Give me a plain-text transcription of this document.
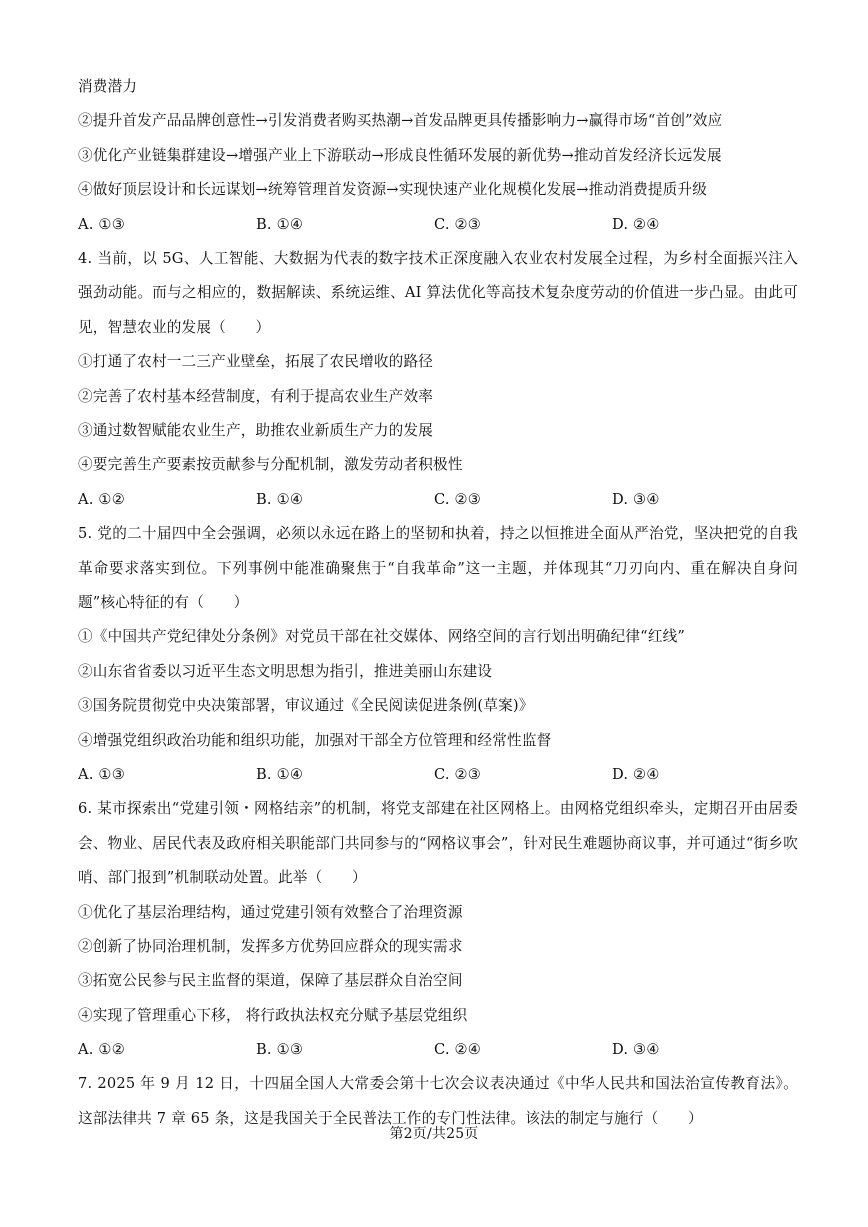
消费潜力
②提升首发产品品牌创意性→引发消费者购买热潮→首发品牌更具传播影响力→赢得市场“首创”效应
③优化产业链集群建设→增强产业上下游联动→形成良性循环发展的新优势→推动首发经济长远发展
④做好顶层设计和长远谋划→统筹管理首发资源→实现快速产业化规模化发展→推动消费提质升级
A. ①③	B. ①④	C. ②③	D. ②④
4. 当前，以 5G、人工智能、大数据为代表的数字技术正深度融入农业农村发展全过程，为乡村全面振兴注入强劲动能。而与之相应的，数据解读、系统运维、AI 算法优化等高技术复杂度劳动的价值进一步凸显。由此可见，智慧农业的发展（　　）
①打通了农村一二三产业壁垒，拓展了农民增收的路径
②完善了农村基本经营制度，有利于提高农业生产效率
③通过数智赋能农业生产，助推农业新质生产力的发展
④要完善生产要素按贡献参与分配机制，激发劳动者积极性
A. ①②	B. ①④	C. ②③	D. ③④
5. 党的二十届四中全会强调，必须以永远在路上的坚韧和执着，持之以恒推进全面从严治党，坚决把党的自我革命要求落实到位。下列事例中能准确聚焦于“自我革命”这一主题，并体现其“刀刃向内、重在解决自身问题”核心特征的有（　　）
①《中国共产党纪律处分条例》对党员干部在社交媒体、网络空间的言行划出明确纪律“红线”
②山东省省委以习近平生态文明思想为指引，推进美丽山东建设
③国务院贯彻党中央决策部署，审议通过《全民阅读促进条例(草案)》
④增强党组织政治功能和组织功能，加强对干部全方位管理和经常性监督
A. ①③	B. ①④	C. ②③	D. ②④
6. 某市探索出“党建引领・网格结亲”的机制，将党支部建在社区网格上。由网格党组织牵头，定期召开由居委会、物业、居民代表及政府相关职能部门共同参与的“网格议事会”，针对民生难题协商议事，并可通过“街乡吹哨、部门报到”机制联动处置。此举（　　）
①优化了基层治理结构，通过党建引领有效整合了治理资源
②创新了协同治理机制，发挥多方优势回应群众的现实需求
③拓宽公民参与民主监督的渠道，保障了基层群众自治空间
④实现了管理重心下移， 将行政执法权充分赋予基层党组织
A. ①②	B. ①③	C. ②④	D. ③④
7. 2025 年 9 月 12 日，十四届全国人大常委会第十七次会议表决通过《中华人民共和国法治宣传教育法》。这部法律共 7 章 65 条，这是我国关于全民普法工作的专门性法律。该法的制定与施行（　　）
第2页/共25页
